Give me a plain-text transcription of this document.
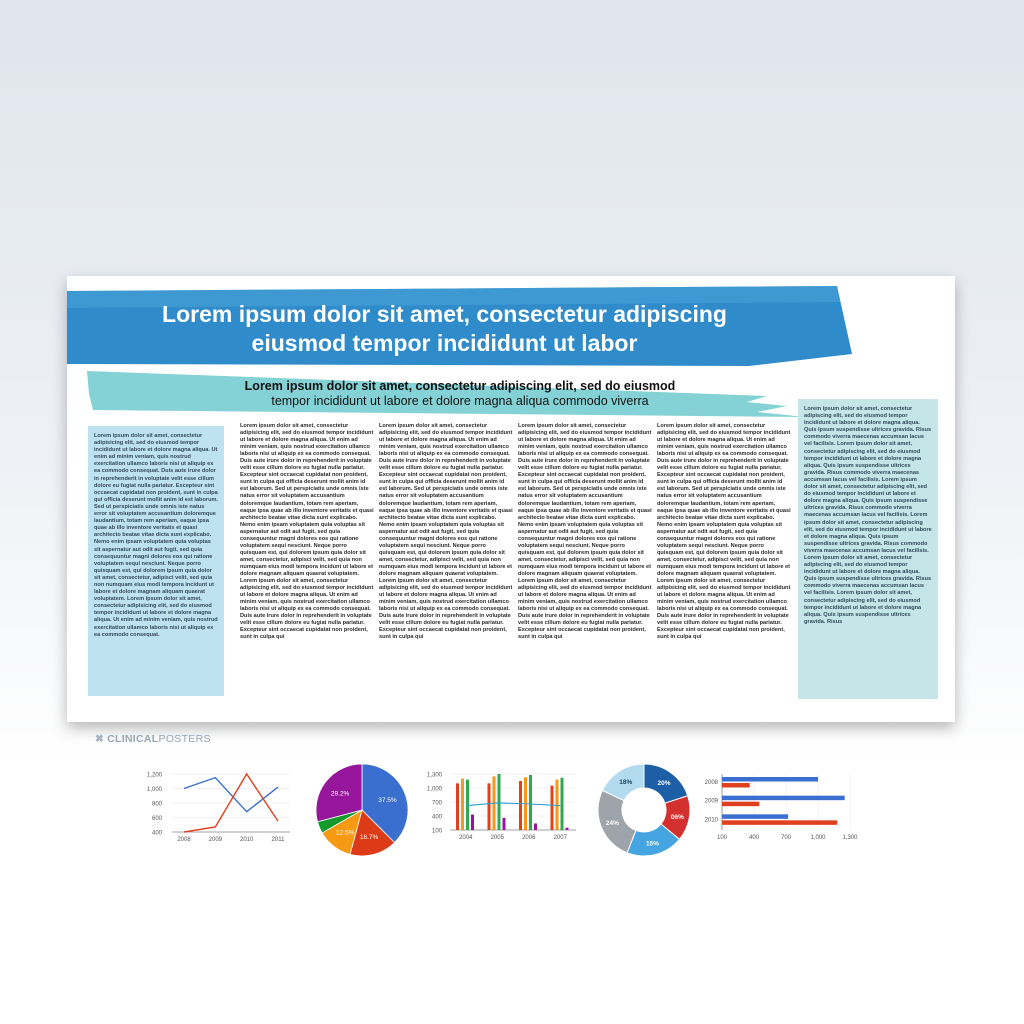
Lorem ipsum dolor sit amet, consectetur adipiscing
eiusmod tempor incididunt ut labor
Lorem ipsum dolor sit amet, consectetur adipiscing elit, sed do eiusmod
tempor incididunt ut labore et dolore magna aliqua commodo viverra
Lorem ipsum dolor sit amet, consectetur adipisicing elit, sed do eiusmod tempor incididunt ut labore et dolore magna aliqua. Ut enim ad minim veniam, quis nostrud exercitation ullamco laboris nisi ut aliquip ex ea commodo consequat. Duis aute irure dolor in reprehenderit in voluptate velit esse cillum dolore eu fugiat nulla pariatur. Excepteur sint occaecat cupidatat non proident, sunt in culpa qui officia deserunt mollit anim id est laborum. Sed ut perspiciatis unde omnis iste natus error sit voluptatem accusantium doloremque laudantium, totam rem aperiam, eaque ipsa quae ab illo inventore veritatis et quasi architecto beatae vitae dicta sunt explicabo. Nemo enim ipsam voluptatem quia voluptas sit aspernatur aut odit aut fugit, sed quia consequuntur magni dolores eos qui ratione voluptatem sequi nesciunt. Neque porro quisquam est, qui dolorem ipsum quia dolor sit amet, consectetur, adipisci velit, sed quia non numquam eius modi tempora incidunt ut labore et dolore magnam aliquam quaerat voluptatem. Lorem ipsum dolor sit amet, consectetur adipisicing elit, sed do eiusmod tempor incididunt ut labore et dolore magna aliqua. Ut enim ad minim veniam, quis nostrud exercitation ullamco laboris nisi ut aliquip ex ea commodo consequat.
Lorem ipsum dolor sit amet, consectetur adipisicing elit, sed do eiusmod tempor incididunt ut labore et dolore magna aliqua. Ut enim ad minim veniam, quis nostrud exercitation ullamco laboris nisi ut aliquip ex ea commodo consequat. Duis aute irure dolor in reprehenderit in voluptate velit esse cillum dolore eu fugiat nulla pariatur. Excepteur sint occaecat cupidatat non proident, sunt in culpa qui officia deserunt mollit anim id est laborum. Sed ut perspiciatis unde omnis iste natus error sit voluptatem accusantium doloremque laudantium, totam rem aperiam, eaque ipsa quae ab illo inventore veritatis et quasi architecto beatae vitae dicta sunt explicabo. Nemo enim ipsam voluptatem quia voluptas sit aspernatur aut odit aut fugit, sed quia consequuntur magni dolores eos qui ratione voluptatem sequi nesciunt. Neque porro quisquam est, qui dolorem ipsum quia dolor sit amet, consectetur, adipisci velit, sed quia non numquam eius modi tempora incidunt ut labore et dolore magnam aliquam quaerat voluptatem. Lorem ipsum dolor sit amet, consectetur adipisicing elit, sed do eiusmod tempor incididunt ut labore et dolore magna aliqua. Ut enim ad minim veniam, quis nostrud exercitation ullamco laboris nisi ut aliquip ex ea commodo consequat. Duis aute irure dolor in reprehenderit in voluptate velit esse cillum dolore eu fugiat nulla pariatur. Excepteur sint occaecat cupidatat non proident, sunt in culpa qui
Lorem ipsum dolor sit amet, consectetur adipisicing elit, sed do eiusmod tempor incididunt ut labore et dolore magna aliqua. Ut enim ad minim veniam, quis nostrud exercitation ullamco laboris nisi ut aliquip ex ea commodo consequat. Duis aute irure dolor in reprehenderit in voluptate velit esse cillum dolore eu fugiat nulla pariatur. Excepteur sint occaecat cupidatat non proident, sunt in culpa qui officia deserunt mollit anim id est laborum. Sed ut perspiciatis unde omnis iste natus error sit voluptatem accusantium doloremque laudantium, totam rem aperiam, eaque ipsa quae ab illo inventore veritatis et quasi architecto beatae vitae dicta sunt explicabo. Nemo enim ipsam voluptatem quia voluptas sit aspernatur aut odit aut fugit, sed quia consequuntur magni dolores eos qui ratione voluptatem sequi nesciunt. Neque porro quisquam est, qui dolorem ipsum quia dolor sit amet, consectetur, adipisci velit, sed quia non numquam eius modi tempora incidunt ut labore et dolore magnam aliquam quaerat voluptatem. Lorem ipsum dolor sit amet, consectetur adipisicing elit, sed do eiusmod tempor incididunt ut labore et dolore magna aliqua. Ut enim ad minim veniam, quis nostrud exercitation ullamco laboris nisi ut aliquip ex ea commodo consequat. Duis aute irure dolor in reprehenderit in voluptate velit esse cillum dolore eu fugiat nulla pariatur. Excepteur sint occaecat cupidatat non proident, sunt in culpa qui
Lorem ipsum dolor sit amet, consectetur adipisicing elit, sed do eiusmod tempor incididunt ut labore et dolore magna aliqua. Ut enim ad minim veniam, quis nostrud exercitation ullamco laboris nisi ut aliquip ex ea commodo consequat. Duis aute irure dolor in reprehenderit in voluptate velit esse cillum dolore eu fugiat nulla pariatur. Excepteur sint occaecat cupidatat non proident, sunt in culpa qui officia deserunt mollit anim id est laborum. Sed ut perspiciatis unde omnis iste natus error sit voluptatem accusantium doloremque laudantium, totam rem aperiam, eaque ipsa quae ab illo inventore veritatis et quasi architecto beatae vitae dicta sunt explicabo. Nemo enim ipsam voluptatem quia voluptas sit aspernatur aut odit aut fugit, sed quia consequuntur magni dolores eos qui ratione voluptatem sequi nesciunt. Neque porro quisquam est, qui dolorem ipsum quia dolor sit amet, consectetur, adipisci velit, sed quia non numquam eius modi tempora incidunt ut labore et dolore magnam aliquam quaerat voluptatem. Lorem ipsum dolor sit amet, consectetur adipisicing elit, sed do eiusmod tempor incididunt ut labore et dolore magna aliqua. Ut enim ad minim veniam, quis nostrud exercitation ullamco laboris nisi ut aliquip ex ea commodo consequat. Duis aute irure dolor in reprehenderit in voluptate velit esse cillum dolore eu fugiat nulla pariatur. Excepteur sint occaecat cupidatat non proident, sunt in culpa qui
Lorem ipsum dolor sit amet, consectetur adipisicing elit, sed do eiusmod tempor incididunt ut labore et dolore magna aliqua. Ut enim ad minim veniam, quis nostrud exercitation ullamco laboris nisi ut aliquip ex ea commodo consequat. Duis aute irure dolor in reprehenderit in voluptate velit esse cillum dolore eu fugiat nulla pariatur. Excepteur sint occaecat cupidatat non proident, sunt in culpa qui officia deserunt mollit anim id est laborum. Sed ut perspiciatis unde omnis iste natus error sit voluptatem accusantium doloremque laudantium, totam rem aperiam, eaque ipsa quae ab illo inventore veritatis et quasi architecto beatae vitae dicta sunt explicabo. Nemo enim ipsam voluptatem quia voluptas sit aspernatur aut odit aut fugit, sed quia consequuntur magni dolores eos qui ratione voluptatem sequi nesciunt. Neque porro quisquam est, qui dolorem ipsum quia dolor sit amet, consectetur, adipisci velit, sed quia non numquam eius modi tempora incidunt ut labore et dolore magnam aliquam quaerat voluptatem. Lorem ipsum dolor sit amet, consectetur adipisicing elit, sed do eiusmod tempor incididunt ut labore et dolore magna aliqua. Ut enim ad minim veniam, quis nostrud exercitation ullamco laboris nisi ut aliquip ex ea commodo consequat. Duis aute irure dolor in reprehenderit in voluptate velit esse cillum dolore eu fugiat nulla pariatur. Excepteur sint occaecat cupidatat non proident, sunt in culpa qui
Lorem ipsum dolor sit amet, consectetur adipiscing elit, sed do eiusmod tempor incididunt ut labore et dolore magna aliqua. Quis ipsum suspendisse ultrices gravida. Risus commodo viverra maecenas accumsan lacus vel facilisis. Lorem ipsum dolor sit amet, consectetur adipiscing elit, sed do eiusmod tempor incididunt ut labore et dolore magna aliqua. Quis ipsum suspendisse ultrices gravida. Risus commodo viverra maecenas accumsan lacus vel facilisis. Lorem ipsum dolor sit amet, consectetur adipiscing elit, sed do eiusmod tempor incididunt ut labore et dolore magna aliqua. Quis ipsum suspendisse ultrices gravida. Risus commodo viverra maecenas accumsan lacus vel facilisis. Lorem ipsum dolor sit amet, consectetur adipiscing elit, sed do eiusmod tempor incididunt ut labore et dolore magna aliqua. Quis ipsum suspendisse ultrices gravida. Risus commodo viverra maecenas accumsan lacus vel facilisis. Lorem ipsum dolor sit amet, consectetur adipiscing elit, sed do eiusmod tempor incididunt ut labore et dolore magna aliqua. Quis ipsum suspendisse ultrices gravida. Risus commodo viverra maecenas accumsan lacus vel facilisis. Lorem ipsum dolor sit amet, consectetur adipiscing elit, sed do eiusmod tempor incididunt ut labore et dolore magna aliqua. Quis ipsum suspendisse ultrices gravida. Risus
✖ CLINICALPOSTERS
1,200
1,000
800
600
400
2008	2009	2010	2011
37.5%
16.7%
12.5%
29.2%
1,300
1,000
700
400
100
2004	2005	2006	2007
20%
06%
15%
24%
18%
100	400	700	1,000	1,300
2008
2009
2010
